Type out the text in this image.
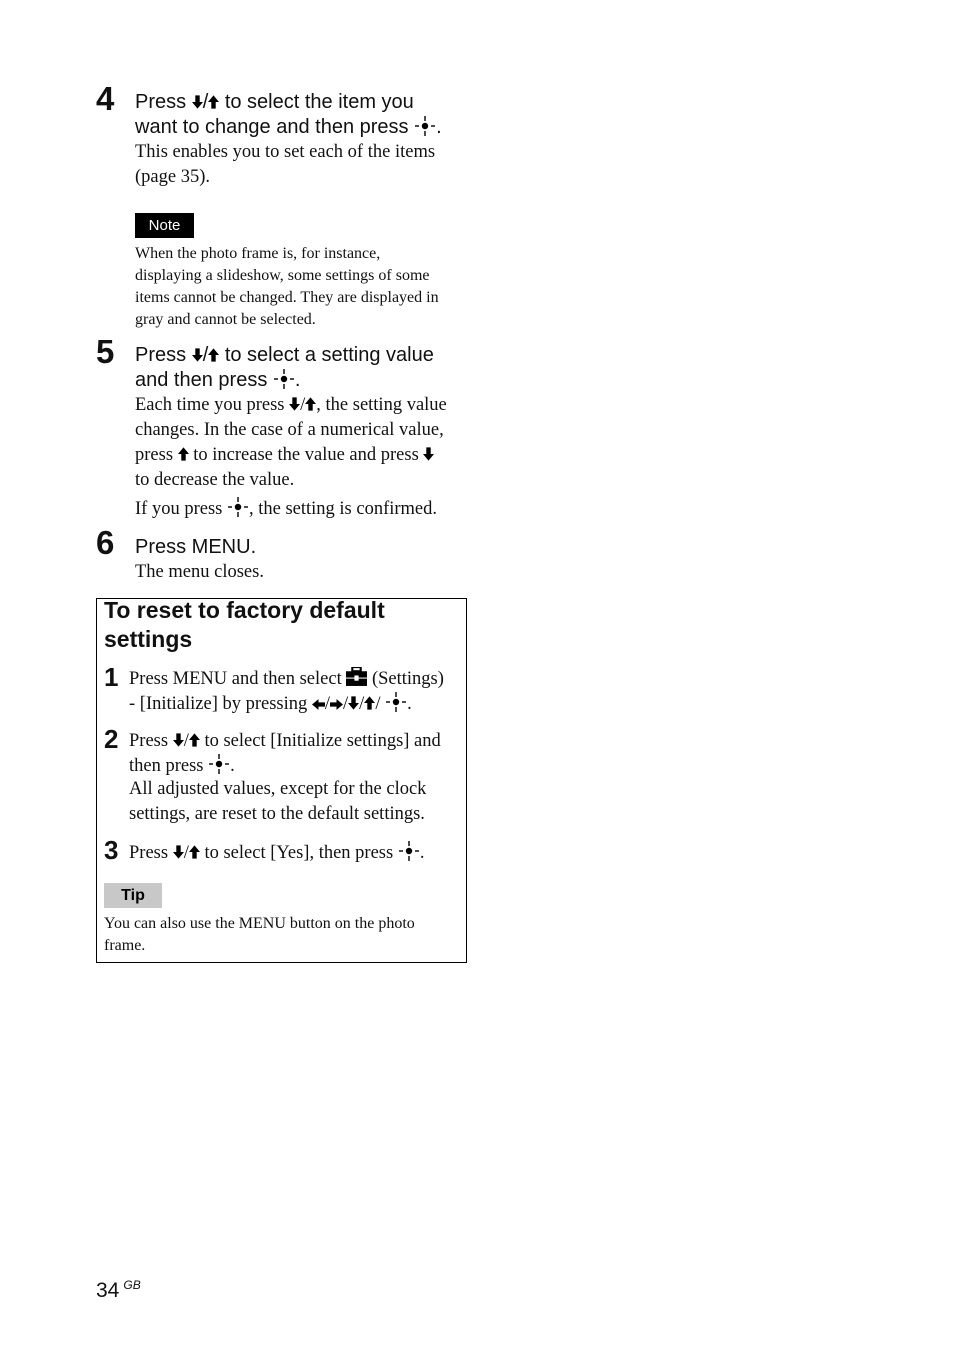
4 Press / to select the item you
want to change and then press .
This enables you to set each of the items
(page 35).
Note
When the photo frame is, for instance,
displaying a slideshow, some settings of some
items cannot be changed. They are displayed in
gray and cannot be selected.
5 Press / to select a setting value
and then press .
Each time you press / , the setting value
changes. In the case of a numerical value,
press to increase the value and press
to decrease the value.
If you press , the setting is confirmed.
6 Press MENU.
The menu closes.
To reset to factory default
settings
1 Press MENU and then select (Settings)
- [Initialize] by pressing / / / / .
2 Press / to select [Initialize settings] and
then press .
All adjusted values, except for the clock
settings, are reset to the default settings.
3 Press / to select [Yes], then press .
Tip
You can also use the MENU button on the photo
frame.
34 $^{GB}$
